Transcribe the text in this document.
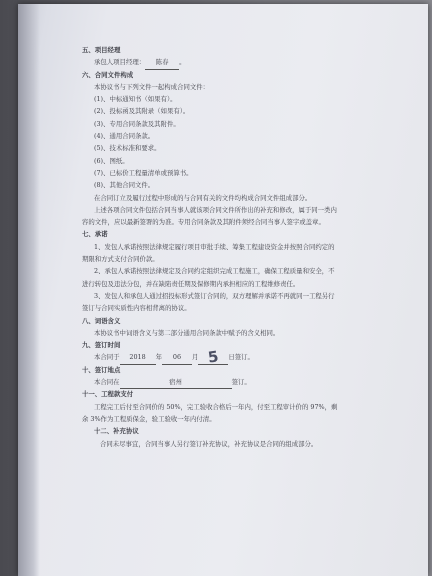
五、项目经理
承包人项目经理： 陈春 。
六、合同文件构成
本协议书与下列文件一起构成合同文件：
(1)、中标通知书（如果有）。
(2)、投标函及其附录（如果有）。
(3)、专用合同条款及其附件。
(4)、通用合同条款。
(5)、技术标准和要求。
(6)、图纸。
(7)、已标价工程量清单或预算书。
(8)、其他合同文件。
在合同订立及履行过程中形成的与合同有关的文件均构成合同文件组成部分。
上述各项合同文件包括合同当事人就该项合同文件所作出的补充和修改，属于同一类内
容的文件，应以最新签署的为准。专用合同条款及其附件须经合同当事人签字或盖章。
七、承诺
1、发包人承诺按照法律规定履行项目审批手续、筹集工程建设资金并按照合同约定的
期限和方式支付合同价款。
2、承包人承诺按照法律规定及合同约定组织完成工程施工，确保工程质量和安全，不
进行转包及违法分包，并在缺陷责任期及保修期内承担相应的工程维修责任。
3、发包人和承包人通过招投标形式签订合同的，双方理解并承诺不再就同一工程另行
签订与合同实质性内容相背离的协议。
八、词语含义
本协议书中词语含义与第二部分通用合同条款中赋予的含义相同。
九、签订时间
本合同于 2018 年 06 月 5 日签订。
十、签订地点
本合同在	宿州	签订。
十一、工程款支付
工程完工后付至合同价的 50%，完工验收合格后一年内，付至工程审计价的 97%，剩
余 3%作为工程质保金，验工验收一年内付清。
十二、补充协议
合同未尽事宜，合同当事人另行签订补充协议，补充协议是合同的组成部分。
